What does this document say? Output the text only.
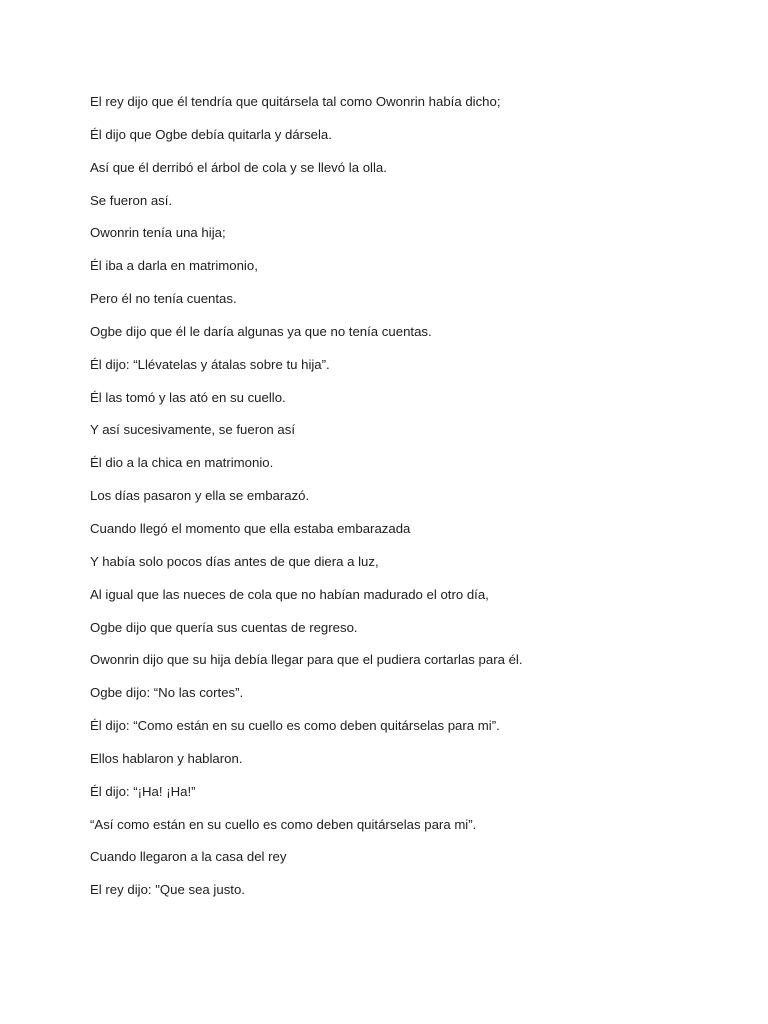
El rey dijo que él tendría que quitársela tal como Owonrin había dicho;
Él dijo que Ogbe debía quitarla y dársela.
Así que él derribó el árbol de cola y se llevó la olla.
Se fueron así.
Owonrin tenía una hija;
Él iba a darla en matrimonio,
Pero él no tenía cuentas.
Ogbe dijo que él le daría algunas ya que no tenía cuentas.
Él dijo: “Llévatelas y átalas sobre tu hija”.
Él las tomó y las ató en su cuello.
Y así sucesivamente, se fueron así
Él dio a la chica en matrimonio.
Los días pasaron y ella se embarazó.
Cuando llegó el momento que ella estaba embarazada
Y había solo pocos días antes de que diera a luz,
Al igual que las nueces de cola que no habían madurado el otro día,
Ogbe dijo que quería sus cuentas de regreso.
Owonrin dijo que su hija debía llegar para que el pudiera cortarlas para él.
Ogbe dijo: “No las cortes”.
Él dijo: “Como están en su cuello es como deben quitárselas para mi”.
Ellos hablaron y hablaron.
Él dijo: “¡Ha! ¡Ha!”
“Así como están en su cuello es como deben quitárselas para mi”.
Cuando llegaron a la casa del rey
El rey dijo: "Que sea justo.
